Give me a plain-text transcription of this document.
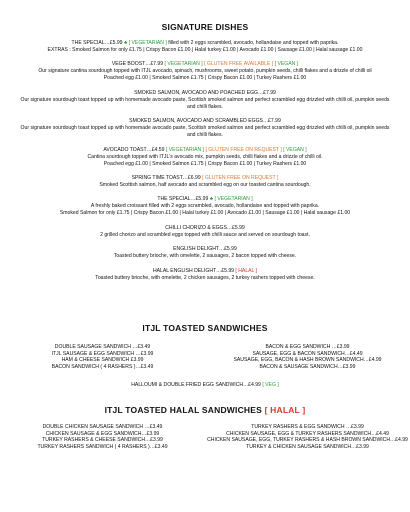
SIGNATURE DISHES
THE SPECIAL…£5.99 ♣ [ VEGETARIAN ] filled with 2 eggs scrambled, avocado, hollandaise and topped with paprika.
EXTRAS : Smoked Salmon for only £1.75 | Crispy Bacon £1.00 | Halal turkey £1.00 | Avocado £1.00 | Sausage £1.00 | Halal sausage £1.00
VEGE BOOST…£7.99 [ VEGETARIAN ] [ GLUTEN FREE AVAILABLE ] [ VEGAN ]
Our signature cantina sourdough topped with ITJL avocado, spinach, mushrooms, sweet potato, pumpkin seeds, chilli flakes and a drizzle of chilli oil
Poached egg £1.00 | Smoked Salmon £1.75 | Crispy Bacon £1.00 | Turkey Rashers £1.00
SMOKED SALMON, AVOCADO AND POACHED EGG…£7.99
Our signature sourdough toast topped up with homemade avocado paste, Scottish smoked salmon and perfect scrambled egg drizzled with chilli oil, pumpkin seeds and chilli flakes.
SMOKED SALMON, AVOCADO AND SCRAMBLED EGGS…£7.99
Our signature sourdough toast topped up with homemade avocado paste, Scottish smoked salmon and perfect scrambled egg drizzled with chilli oil, pumpkin seeds and chilli flakes.
AVOCADO TOAST…£4.59 [ VEGETARIAN ] [ GLUTEN FREE ON REQUEST ] [ VEGAN ]
Cantina sourdough topped with ITJL's avocado mix, pumpkin seeds, chilli flakes and a drizzle of chilli oil.
Poached egg £1.00 | Smoked Salmon £1.75 | Crispy Bacon £1.00 | Turkey Rashers £1.00
SPRING TIME TOAST…£6.99 [ GLUTEN FREE ON REQUEST ]
Smoked Scottish salmon, half avocado and scrambled egg on our toasted cantina sourdough.
THE SPECIAL…£5.99 ♣ [ VEGETARIAN ]
A freshly baked croissant filled with 2 eggs scrambled, avocado, hollandaise and topped with paprika.
Smoked Salmon for only £1.75 | Crispy Bacon £1.00 | Halal turkey £1.00 | Avocado £1.00 | Sausage £1.00 | Halal sausage £1.00
CHILLI CHORIZO & EGGS…£5.99
2 grilled chorizo and scrambled eggs topped with chilli sauce and served on sourdough toast.
ENGLISH DELIGHT…£5.99
Toasted buttery brioche, with omelette, 2 sausages, 2 bacon topped with cheese.
HALAL ENGLISH DELIGHT…£5.99 [ HALAL ]
Toasted buttery brioche, with omelette, 2 chicken sausages, 2 turkey rashers topped with cheese.
ITJL TOASTED SANDWICHES
DOUBLE SAUSAGE SANDWICH …£3.49
ITJL SAUSAGE & EGG SANDWICH …£3.99
HAM & CHEESE SANDWICH £3.99
BACON SANDWICH ( 4 RASHERS )…£3.49
BACON & EGG SANDWICH …£3.99
SAUSAGE, EGG & BACON SANDWICH…£4.49
SAUSAGE, EGG, BACON & HASH BROWN SANDWICH…£4.99
BACON & SAUSAGE SANDWICH…£3.99
HALLOUMI & DOUBLE FRIED EGG SANDWICH…£4.99 [ VEG ]
ITJL TOASTED HALAL SANDWICHES [ HALAL ]
DOUBLE CHICKEN SAUSAGE SANDWICH …£3.49
CHICKEN SAUSAGE & EGG SANDWICH…£3.99
TURKEY RASHERS & CHEESE SANDWICH…£3.99
TURKEY RASHERS SANDWICH ( 4 RASHERS )…£3.49
TURKEY RASHERS & EGG SANDWICH …£3.99
CHICKEN SAUSAGE, EGG & TURKEY RASHERS SANDWICH…£4.49
CHICKEN SAUSAGE, EGG, TURKEY RASHERS & HASH BROWN SANDWICH…£4.99
TURKEY & CHICKEN SAUSAGE SANDWICH…£3.99
